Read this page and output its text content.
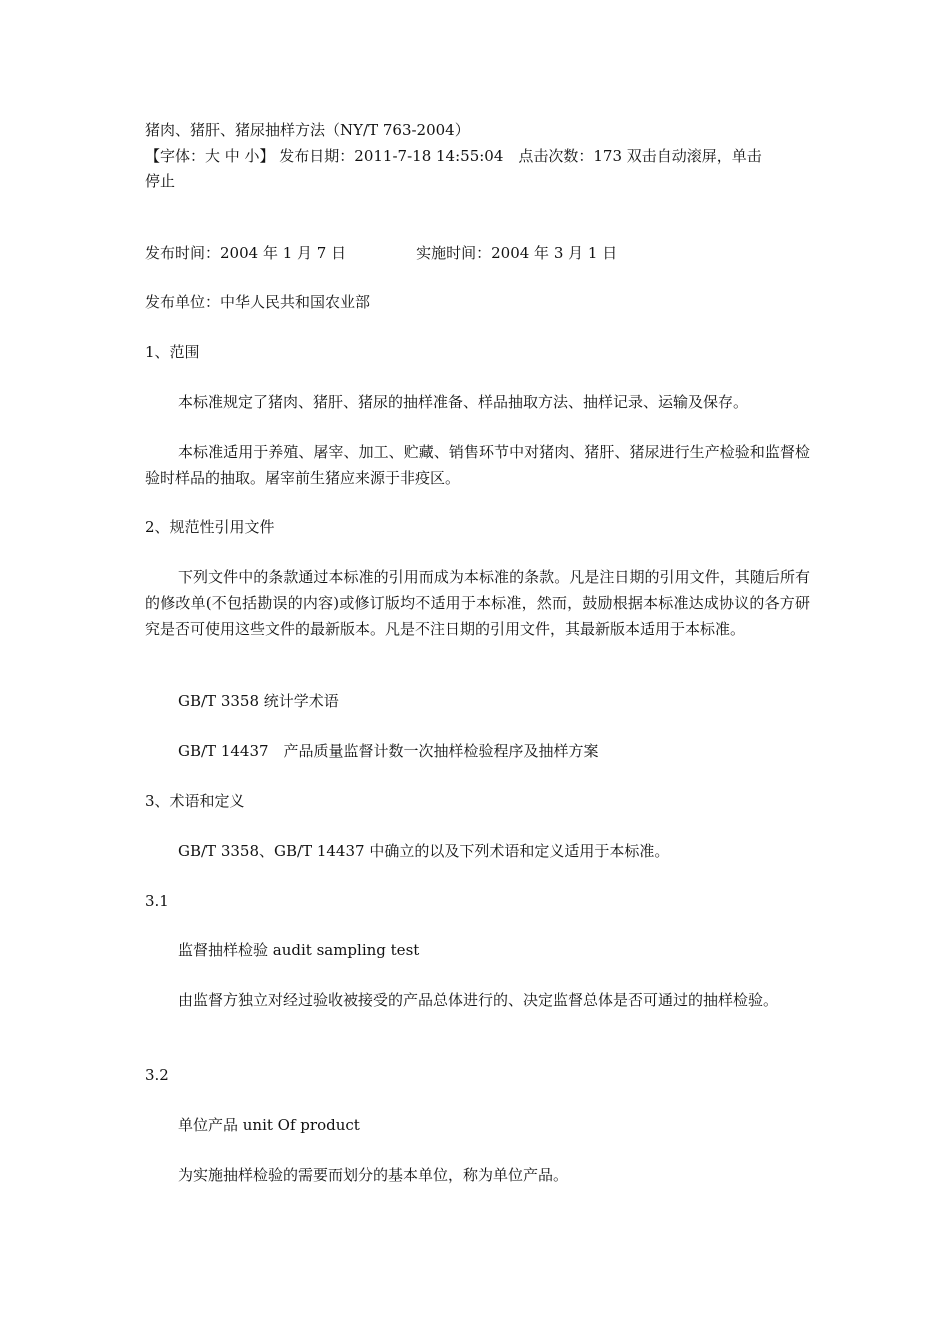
猪肉、猪肝、猪尿抽样方法（NY/T 763-2004）
【字体：大 中 小】 发布日期：2011-7-18 14:55:04　点击次数：173 双击自动滚屏，单击
停止
发布时间：2004 年 1 月 7 日	实施时间：2004 年 3 月 1 日
发布单位：中华人民共和国农业部
1、范围
本标准规定了猪肉、猪肝、猪尿的抽样准备、样品抽取方法、抽样记录、运输及保存。
本标准适用于养殖、屠宰、加工、贮藏、销售环节中对猪肉、猪肝、猪尿进行生产检验和监督检验时样品的抽取。屠宰前生猪应来源于非疫区。
2、规范性引用文件
下列文件中的条款通过本标准的引用而成为本标准的条款。凡是注日期的引用文件，其随后所有的修改单(不包括勘误的内容)或修订版均不适用于本标准，然而，鼓励根据本标准达成协议的各方研究是否可使用这些文件的最新版本。凡是不注日期的引用文件，其最新版本适用于本标准。
GB/T 3358 统计学术语
GB/T 14437　产品质量监督计数一次抽样检验程序及抽样方案
3、术语和定义
GB/T 3358、GB/T 14437 中确立的以及下列术语和定义适用于本标准。
3.1
监督抽样检验 audit sampling test
由监督方独立对经过验收被接受的产品总体进行的、决定监督总体是否可通过的抽样检验。
3.2
单位产品 unit Of product
为实施抽样检验的需要而划分的基本单位，称为单位产品。
